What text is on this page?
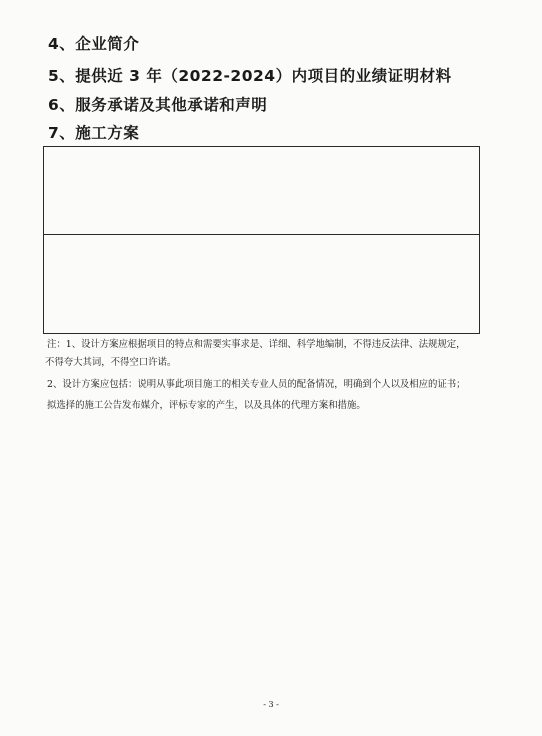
4、企业简介
5、提供近 3 年（2022-2024）内项目的业绩证明材料
6、服务承诺及其他承诺和声明
7、施工方案
注：1、设计方案应根据项目的特点和需要实事求是、详细、科学地编制，不得违反法律、法规规定，
不得夸大其词，不得空口许诺。
2、设计方案应包括：说明从事此项目施工的相关专业人员的配备情况，明确到个人以及相应的证书；
拟选择的施工公告发布媒介，评标专家的产生，以及具体的代理方案和措施。
- 3 -
